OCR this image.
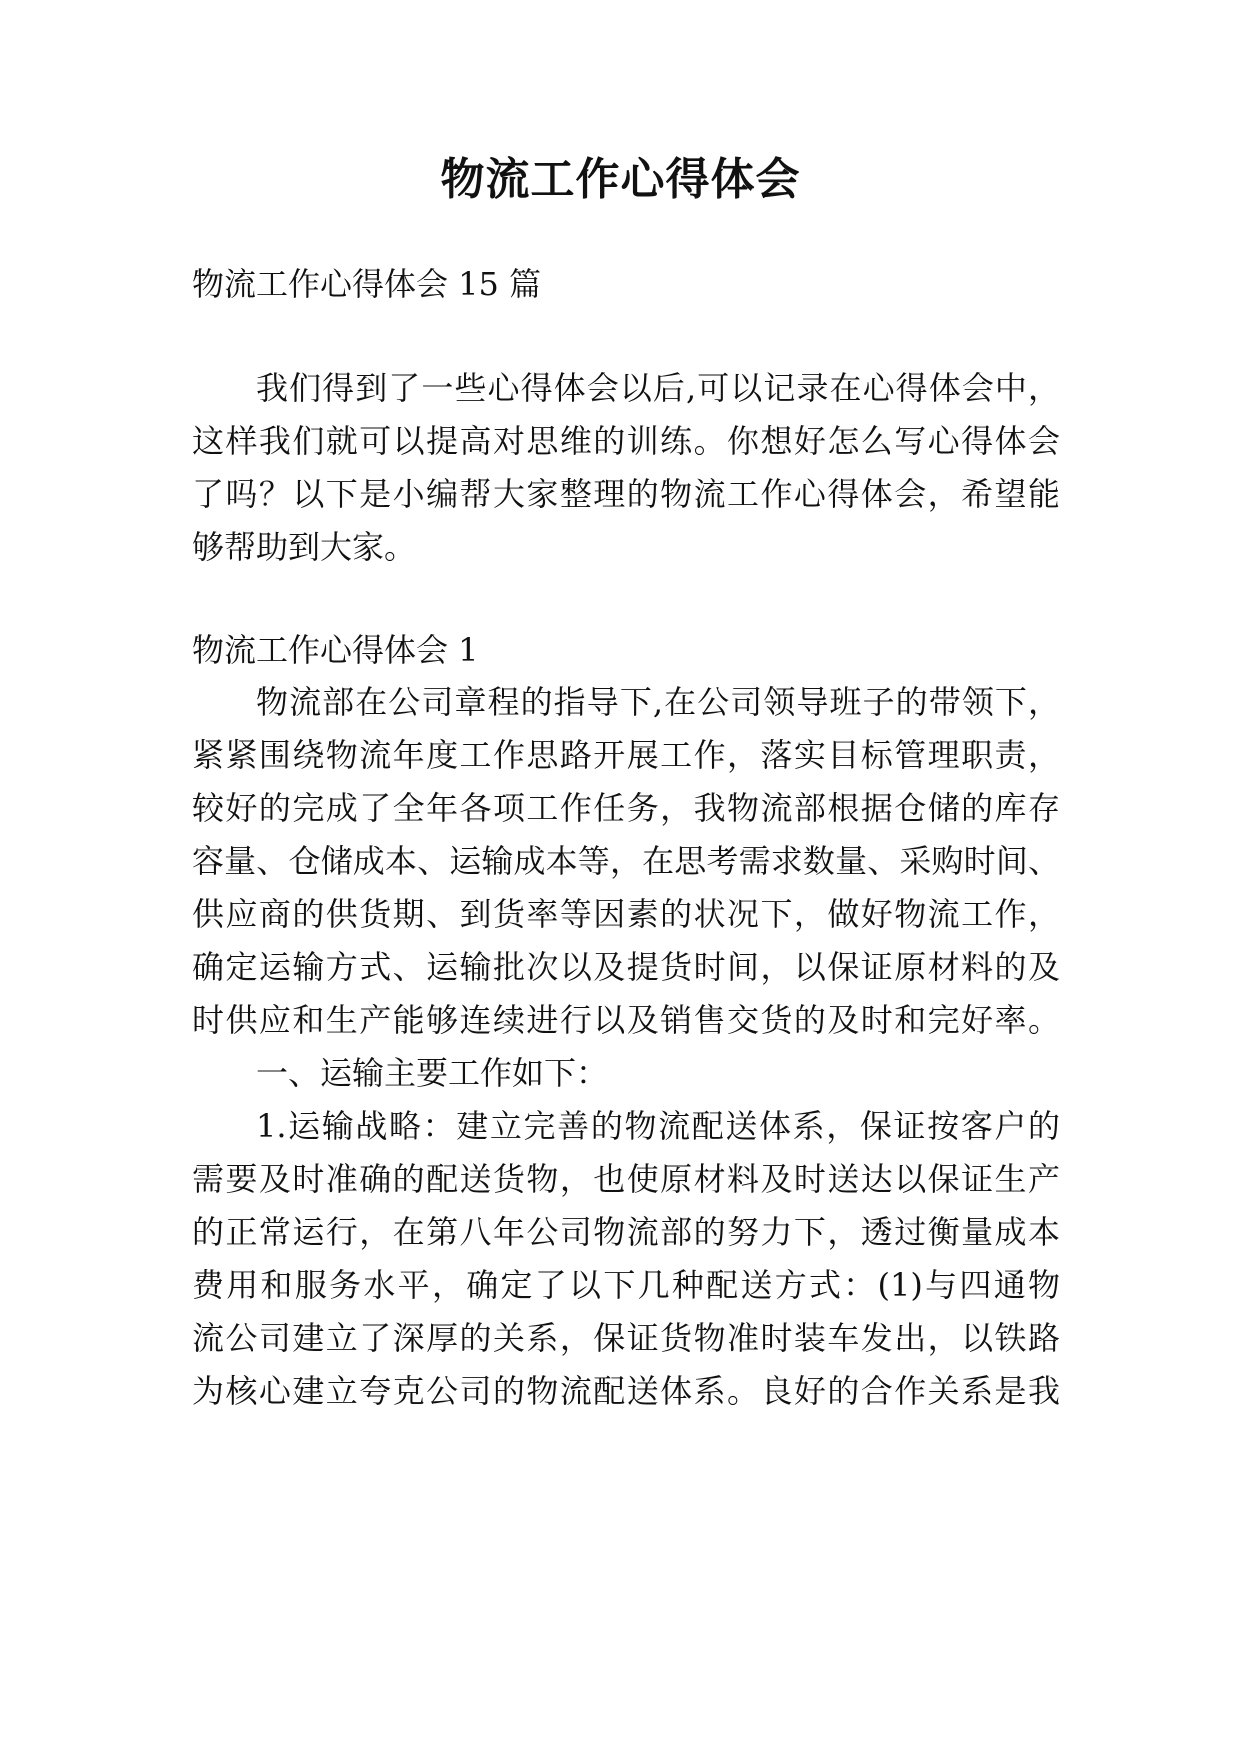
物流工作心得体会
物流工作心得体会 15 篇
我们得到了一些心得体会以后,可以记录在心得体会中，
这样我们就可以提高对思维的训练。你想好怎么写心得体会
了吗？以下是小编帮大家整理的物流工作心得体会，希望能
够帮助到大家。
物流工作心得体会 1
物流部在公司章程的指导下,在公司领导班子的带领下，
紧紧围绕物流年度工作思路开展工作，落实目标管理职责，
较好的完成了全年各项工作任务，我物流部根据仓储的库存
容量、仓储成本、运输成本等，在思考需求数量、采购时间、
供应商的供货期、到货率等因素的状况下，做好物流工作，
确定运输方式、运输批次以及提货时间，以保证原材料的及
时供应和生产能够连续进行以及销售交货的及时和完好率。
一、运输主要工作如下：
1.运输战略：建立完善的物流配送体系，保证按客户的
需要及时准确的配送货物，也使原材料及时送达以保证生产
的正常运行，在第八年公司物流部的努力下，透过衡量成本
费用和服务水平，确定了以下几种配送方式：(1)与四通物
流公司建立了深厚的关系，保证货物准时装车发出，以铁路
为核心建立夸克公司的物流配送体系。良好的合作关系是我
